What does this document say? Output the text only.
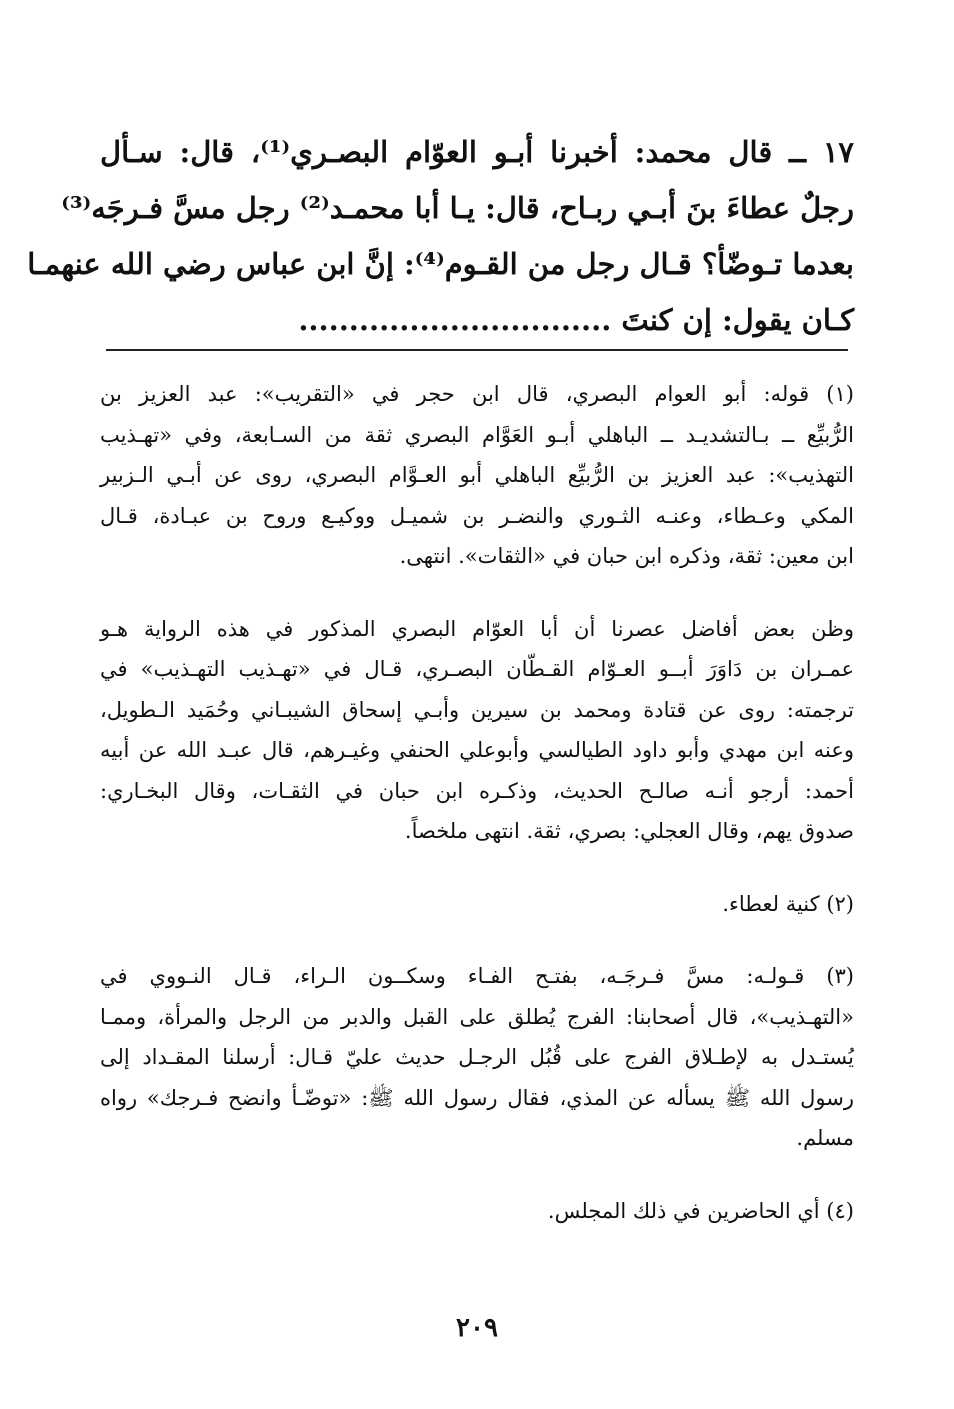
١٧ ــ قال محمد: أخبرنا أبـو العوّام البصـري⁽¹⁾، قال: سـأل
رجلٌ عطاءَ بنَ أبـي ربـاح، قال: يـا أبا محمـد⁽²⁾ رجل مسَّ فـرجَه⁽³⁾
بعدما تـوضّأ؟ قـال رجل من القـوم⁽⁴⁾: إنَّ ابن عباس رضي الله عنهمـا
كـان يقول: إن كنتَ ...............................
(١) قوله: أبو العوام البصري، قال ابن حجر في «التقريب»: عبد العزيز بن
الرُّبيِّع ــ بـالتشديـد ــ الباهلي أبـو العَوَّام البصري ثقة من السـابعة، وفي «تهـذيب
التهذيب»: عبد العزيز بن الرُّبيِّع الباهلي أبو العـوَّام البصري، روى عن أبـي الـزبير
المكي وعـطاء، وعنـه الثـوري والنضـر بن شميـل ووكيـع وروح بن عبـادة، قـال
ابن معين: ثقة، وذكره ابن حبان في «الثقات». انتهى.
وظن بعض أفاضل عصرنا أن أبا العوّام البصري المذكور في هذه الرواية هـو
عمـران بن دَاوَرَ أبــو العـوّام القـطّان البصـري، قـال في «تهـذيب التهـذيب» في
ترجمته: روى عن قتادة ومحمد بن سيرين وأبـي إسحاق الشيبـاني وحُمَيد الـطويل،
وعنه ابن مهدي وأبو داود الطيالسي وأبوعلي الحنفي وغيـرهم، قال عبـد الله عن أبيه
أحمد: أرجو أنـه صالـح الحديث، وذكـره ابن حبان في الثقـات، وقال البخـاري:
صدوق يهم، وقال العجلي: بصري، ثقة. انتهى ملخصاً.
(٢) كنية لعطاء.
(٣) قـولـه: مسَّ فـرجَـه، بفتـح الفـاء وسكــون الـراء، قـال النـووي في
«التهـذيب»، قال أصحابنا: الفرج يُطلق على القبل والدبر من الرجل والمرأة، وممـا
يُستـدل به لإطـلاق الفرج على قُبُل الرجـل حديث عليّ قـال: أرسلنا المقـداد إلى
رسول الله ﷺ يسأله عن المذي، فقال رسول الله ﷺ: «توضّـأ وانضح فـرجك» رواه
مسلم.
(٤) أي الحاضرين في ذلك المجلس.
٢٠٩
